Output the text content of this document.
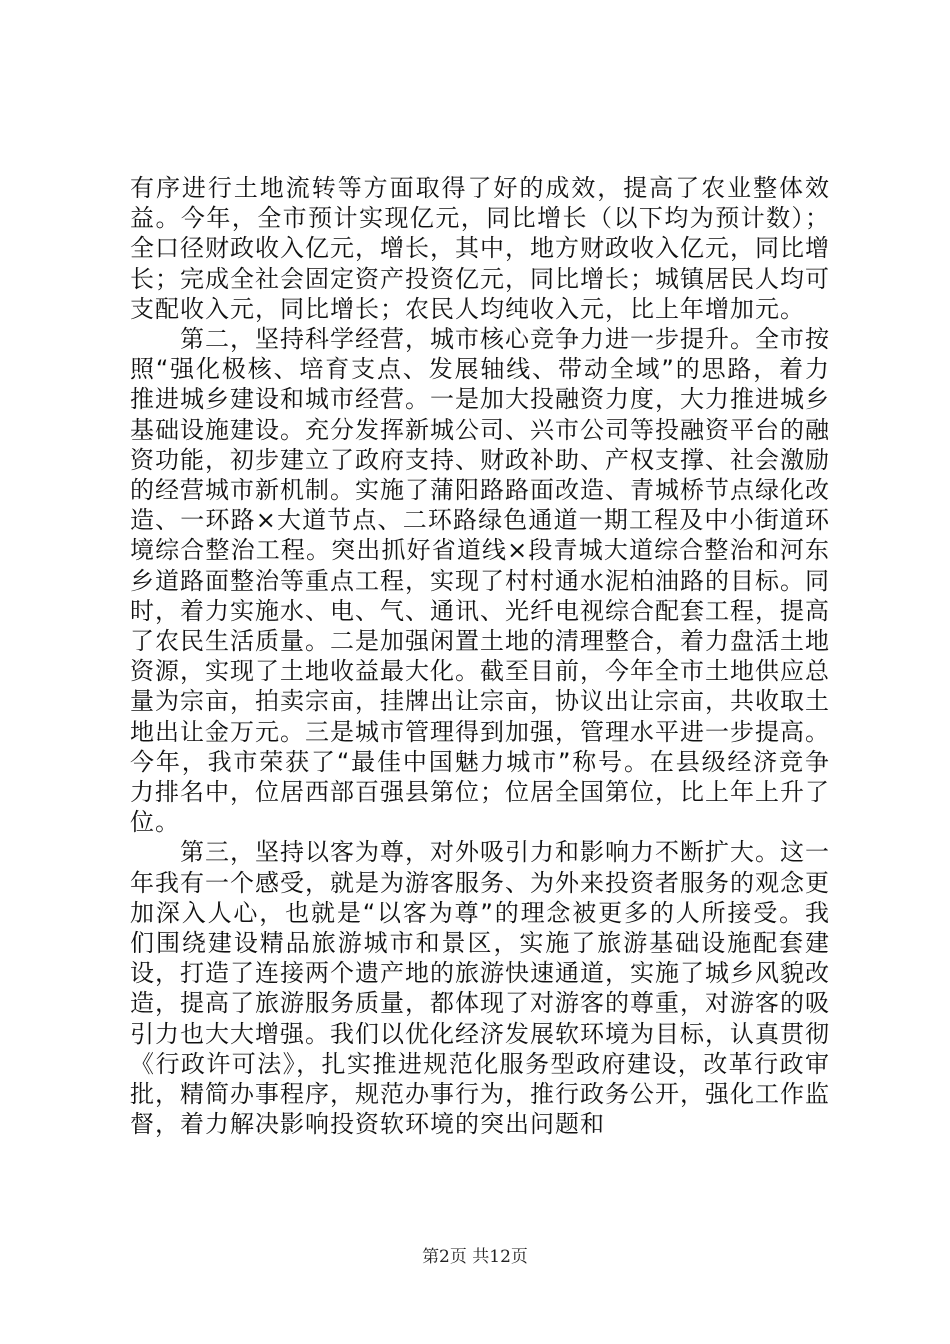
有序进行土地流转等方面取得了好的成效，提高了农业整体效益。今年，全市预计实现亿元，同比增长（以下均为预计数）；全口径财政收入亿元，增长，其中，地方财政收入亿元，同比增长；完成全社会固定资产投资亿元，同比增长；城镇居民人均可支配收入元，同比增长；农民人均纯收入元，比上年增加元。

第二，坚持科学经营，城市核心竞争力进一步提升。全市按照“强化极核、培育支点、发展轴线、带动全域”的思路，着力推进城乡建设和城市经营。一是加大投融资力度，大力推进城乡基础设施建设。充分发挥新城公司、兴市公司等投融资平台的融资功能，初步建立了政府支持、财政补助、产权支撑、社会激励的经营城市新机制。实施了蒲阳路路面改造、青城桥节点绿化改造、一环路×大道节点、二环路绿色通道一期工程及中小街道环境综合整治工程。突出抓好省道线×段青城大道综合整治和河东乡道路面整治等重点工程，实现了村村通水泥柏油路的目标。同时，着力实施水、电、气、通讯、光纤电视综合配套工程，提高了农民生活质量。二是加强闲置土地的清理整合，着力盘活土地资源，实现了土地收益最大化。截至目前，今年全市土地供应总量为宗亩，拍卖宗亩，挂牌出让宗亩，协议出让宗亩，共收取土地出让金万元。三是城市管理得到加强，管理水平进一步提高。今年，我市荣获了“最佳中国魅力城市”称号。在县级经济竞争力排名中，位居西部百强县第位；位居全国第位，比上年上升了位。

第三，坚持以客为尊，对外吸引力和影响力不断扩大。这一年我有一个感受，就是为游客服务、为外来投资者服务的观念更加深入人心，也就是“以客为尊”的理念被更多的人所接受。我们围绕建设精品旅游城市和景区，实施了旅游基础设施配套建设，打造了连接两个遗产地的旅游快速通道，实施了城乡风貌改造，提高了旅游服务质量，都体现了对游客的尊重，对游客的吸引力也大大增强。我们以优化经济发展软环境为目标，认真贯彻《行政许可法》，扎实推进规范化服务型政府建设，改革行政审批，精简办事程序，规范办事行为，推行政务公开，强化工作监督，着力解决影响投资软环境的突出问题和

第2页 共12页
